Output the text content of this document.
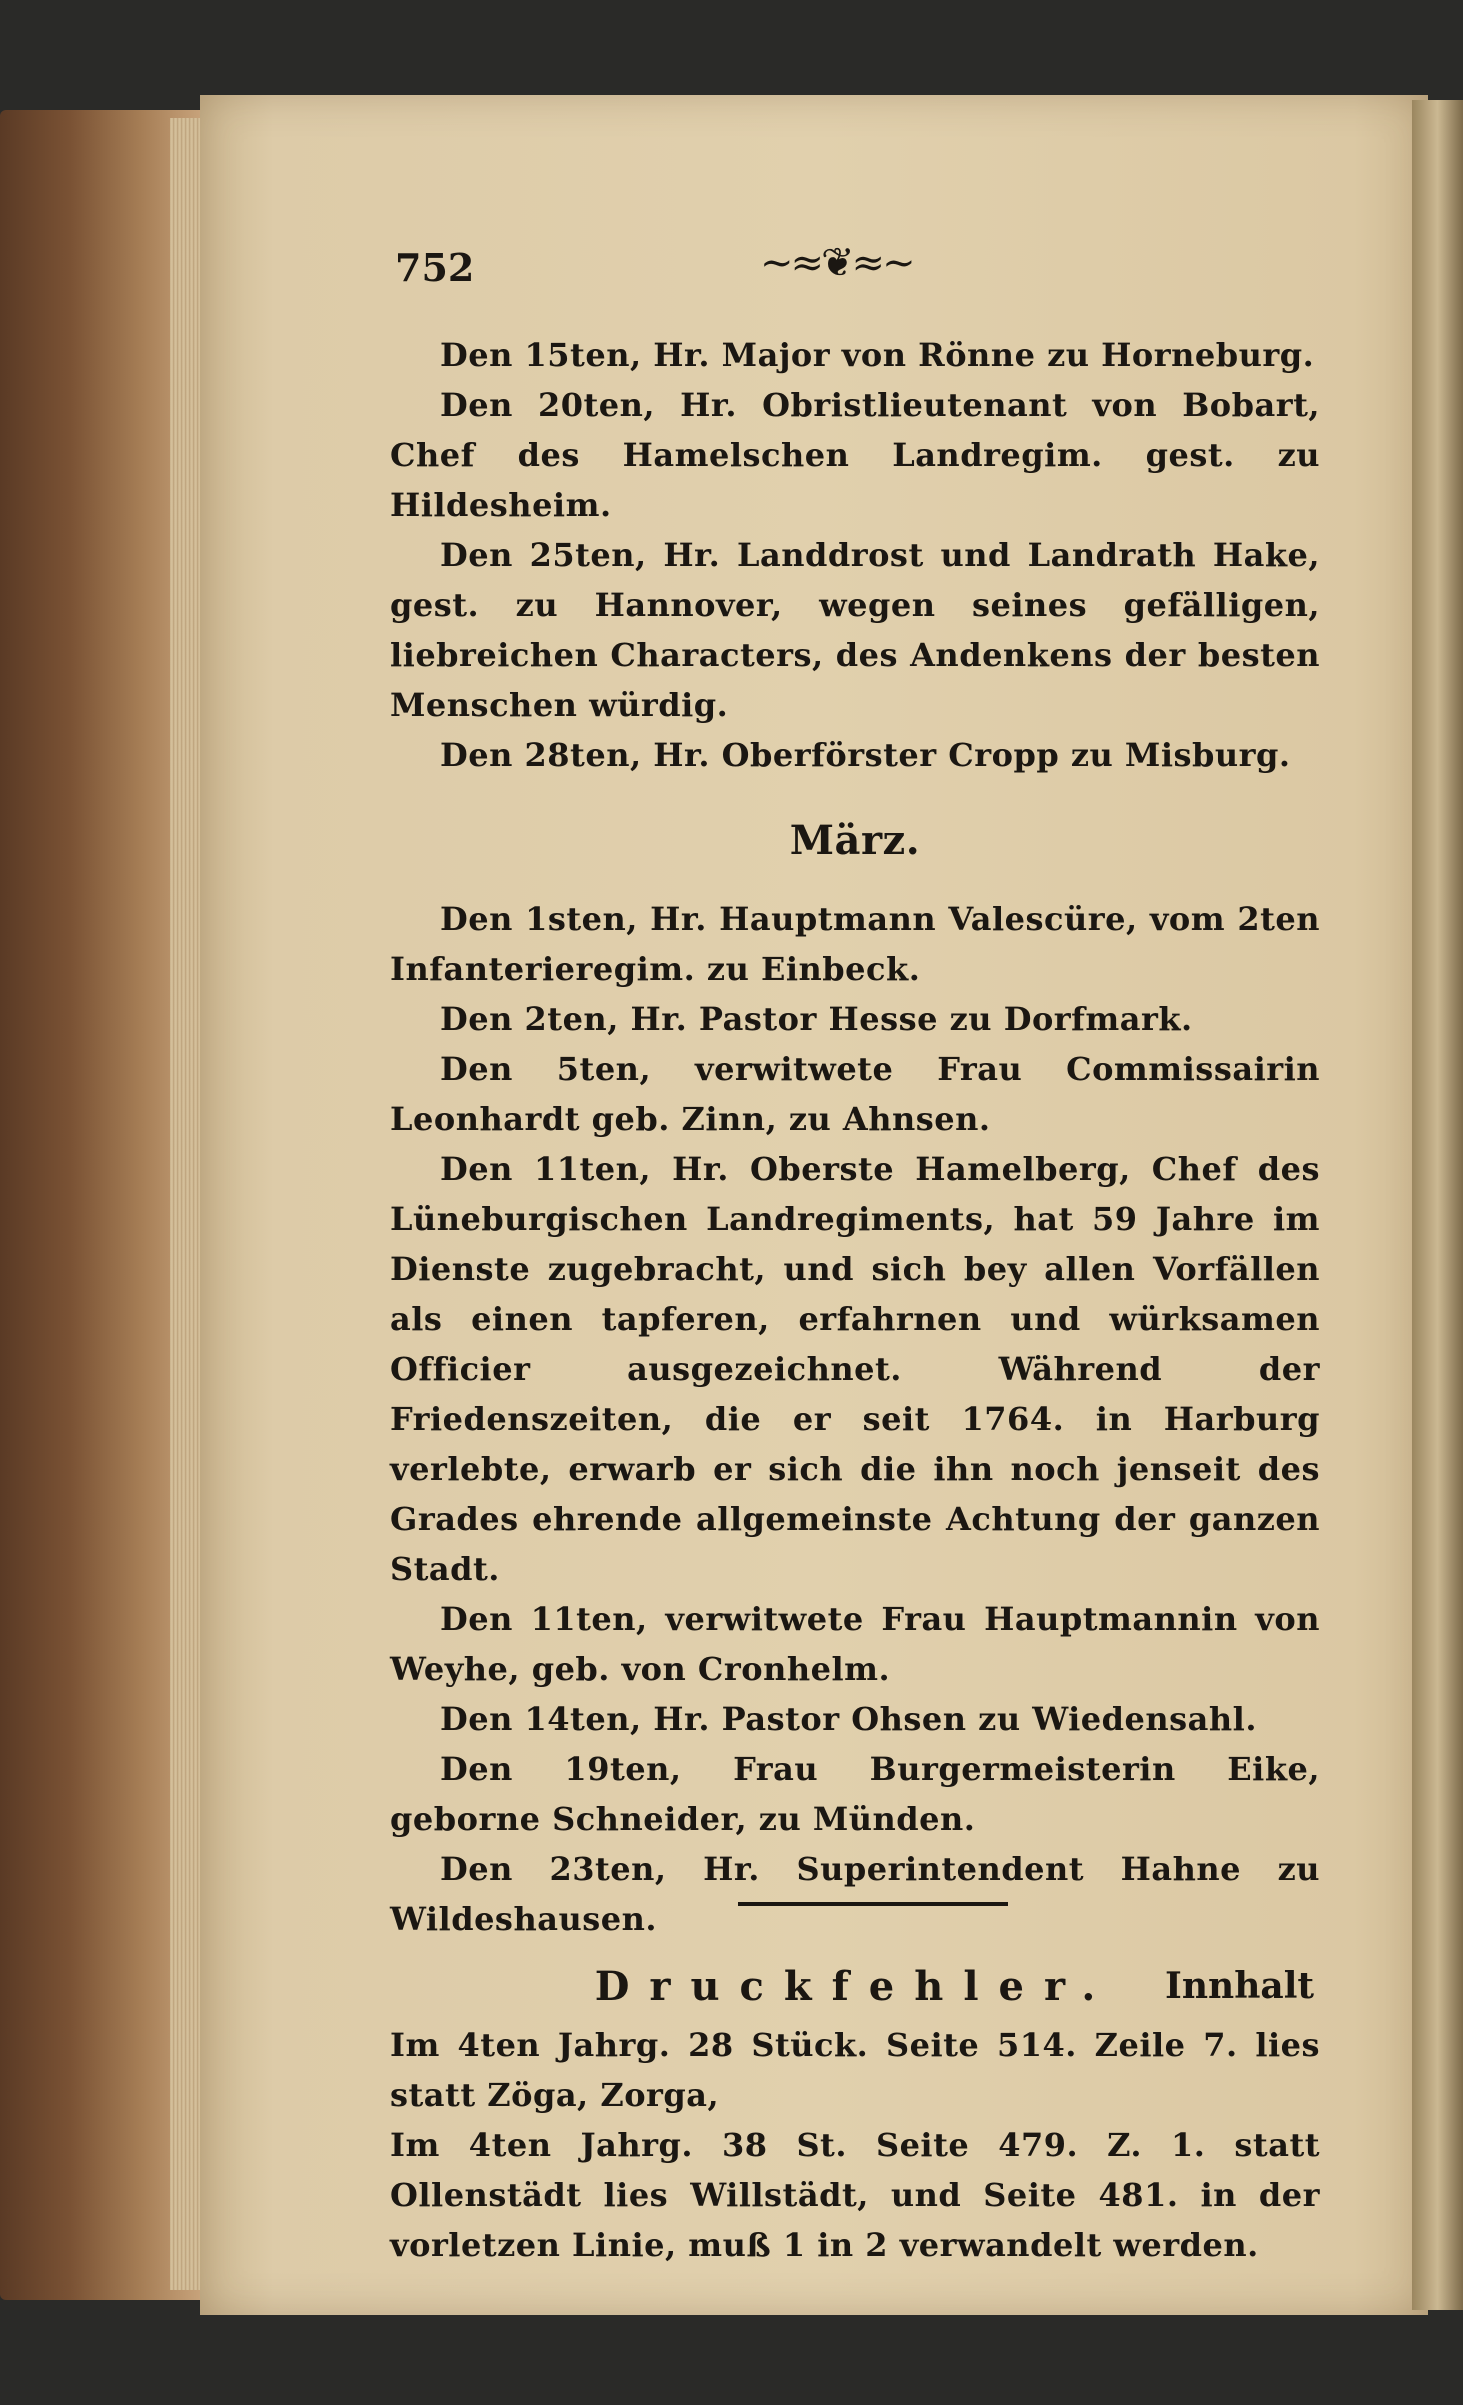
752	~≈❦≈~

Den 15ten, Hr. Major von Rönne zu Horneburg.

Den 20ten, Hr. Obristlieutenant von Bobart, Chef des Hamelschen Landregim. gest. zu Hildesheim.

Den 25ten, Hr. Landdrost und Landrath Hake, gest. zu Hannover, wegen seines gefälligen, liebreichen Characters, des Andenkens der besten Menschen würdig.

Den 28ten, Hr. Oberförster Cropp zu Misburg.

März.

Den 1sten, Hr. Hauptmann Valescüre, vom 2ten Infanterieregim. zu Einbeck.

Den 2ten, Hr. Pastor Hesse zu Dorfmark.

Den 5ten, verwitwete Frau Commissairin Leonhardt geb. Zinn, zu Ahnsen.

Den 11ten, Hr. Oberste Hamelberg, Chef des Lüneburgischen Landregiments, hat 59 Jahre im Dienste zugebracht, und sich bey allen Vorfällen als einen tapferen, erfahrnen und würksamen Officier ausgezeichnet. Während der Friedenszeiten, die er seit 1764. in Harburg verlebte, erwarb er sich die ihn noch jenseit des Grades ehrende allgemeinste Achtung der ganzen Stadt.

Den 11ten, verwitwete Frau Hauptmannin von Weyhe, geb. von Cronhelm.

Den 14ten, Hr. Pastor Ohsen zu Wiedensahl.

Den 19ten, Frau Burgermeisterin Eike, geborne Schneider, zu Münden.

Den 23ten, Hr. Superintendent Hahne zu Wildeshausen.

Druckfehler.

Im 4ten Jahrg. 28 Stück. Seite 514. Zeile 7. lies statt Zöga, Zorga,

Im 4ten Jahrg. 38 St. Seite 479. Z. 1. statt Ollenstädt lies Willstädt, und Seite 481. in der vorletzen Linie, muß 1 in 2 verwandelt werden.

Innhalt
